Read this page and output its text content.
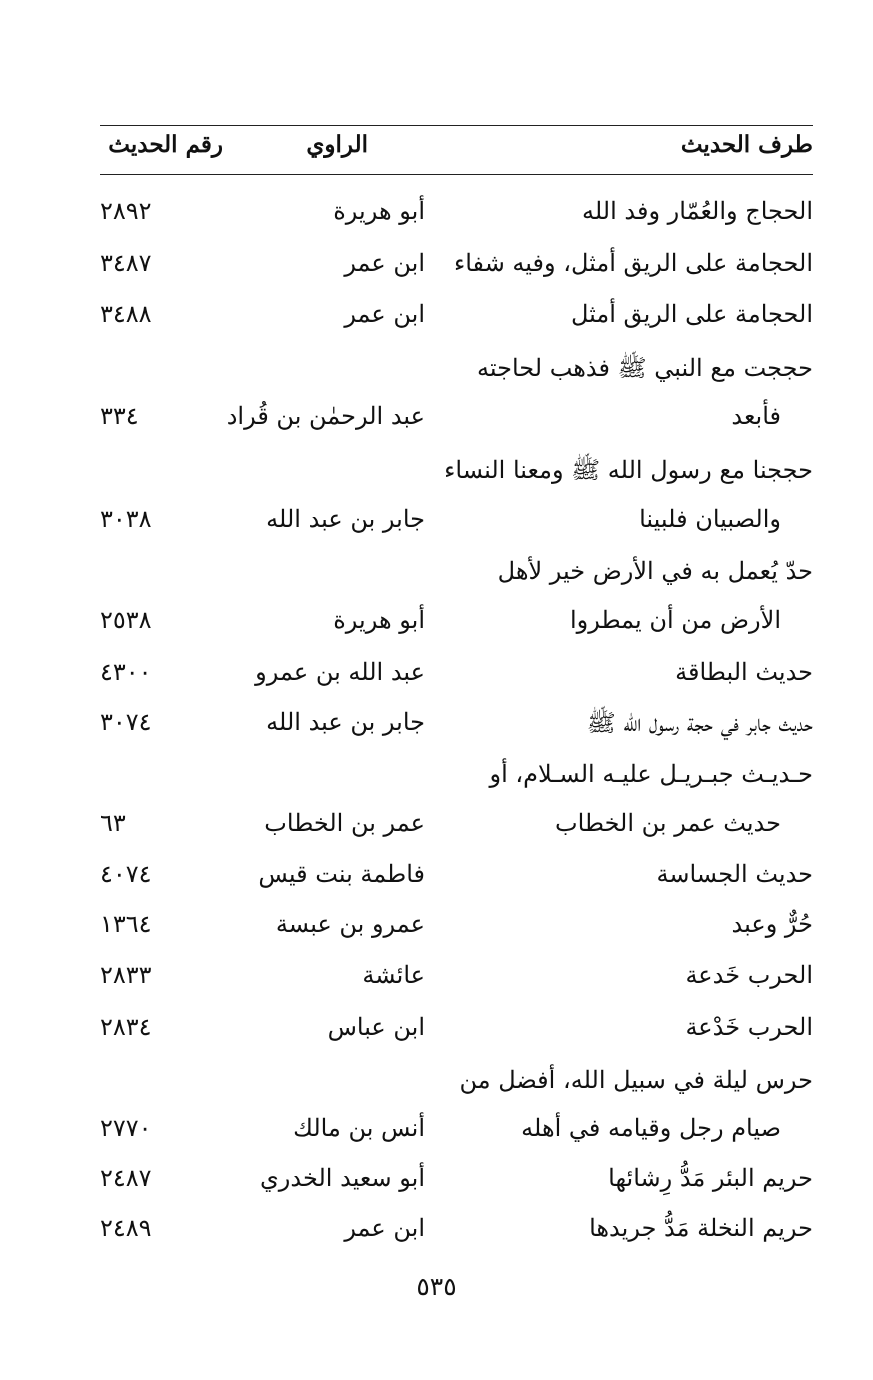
طرف الحديث
الراوي
رقم الحديث
الحجاج والعُمّار وفد الله
أبو هريرة
٢٨٩٢
الحجامة على الريق أمثل، وفيه شفاء
ابن عمر
٣٤٨٧
الحجامة على الريق أمثل
ابن عمر
٣٤٨٨
حججت مع النبي ﷺ فذهب لحاجته
فأبعد
عبد الرحمٰن بن قُراد
٣٣٤
حججنا مع رسول الله ﷺ ومعنا النساء
والصبيان فلبينا
جابر بن عبد الله
٣٠٣٨
حدّ يُعمل به في الأرض خير لأهل
الأرض من أن يمطروا
أبو هريرة
٢٥٣٨
حديث البطاقة
عبد الله بن عمرو
٤٣٠٠
حديث جابر في حجة رسول الله ﷺ
جابر بن عبد الله
٣٠٧٤
حـديـث جبـريـل عليـه السـلام، أو
حديث عمر بن الخطاب
عمر بن الخطاب
٦٣
حديث الجساسة
فاطمة بنت قيس
٤٠٧٤
حُرٌّ وعبد
عمرو بن عبسة
١٣٦٤
الحرب خَدعة
عائشة
٢٨٣٣
الحرب خَدْعة
ابن عباس
٢٨٣٤
حرس ليلة في سبيل الله، أفضل من
صيام رجل وقيامه في أهله
أنس بن مالك
٢٧٧٠
حريم البئر مَدُّ رِشائها
أبو سعيد الخدري
٢٤٨٧
حريم النخلة مَدُّ جريدها
ابن عمر
٢٤٨٩
٥٣٥
